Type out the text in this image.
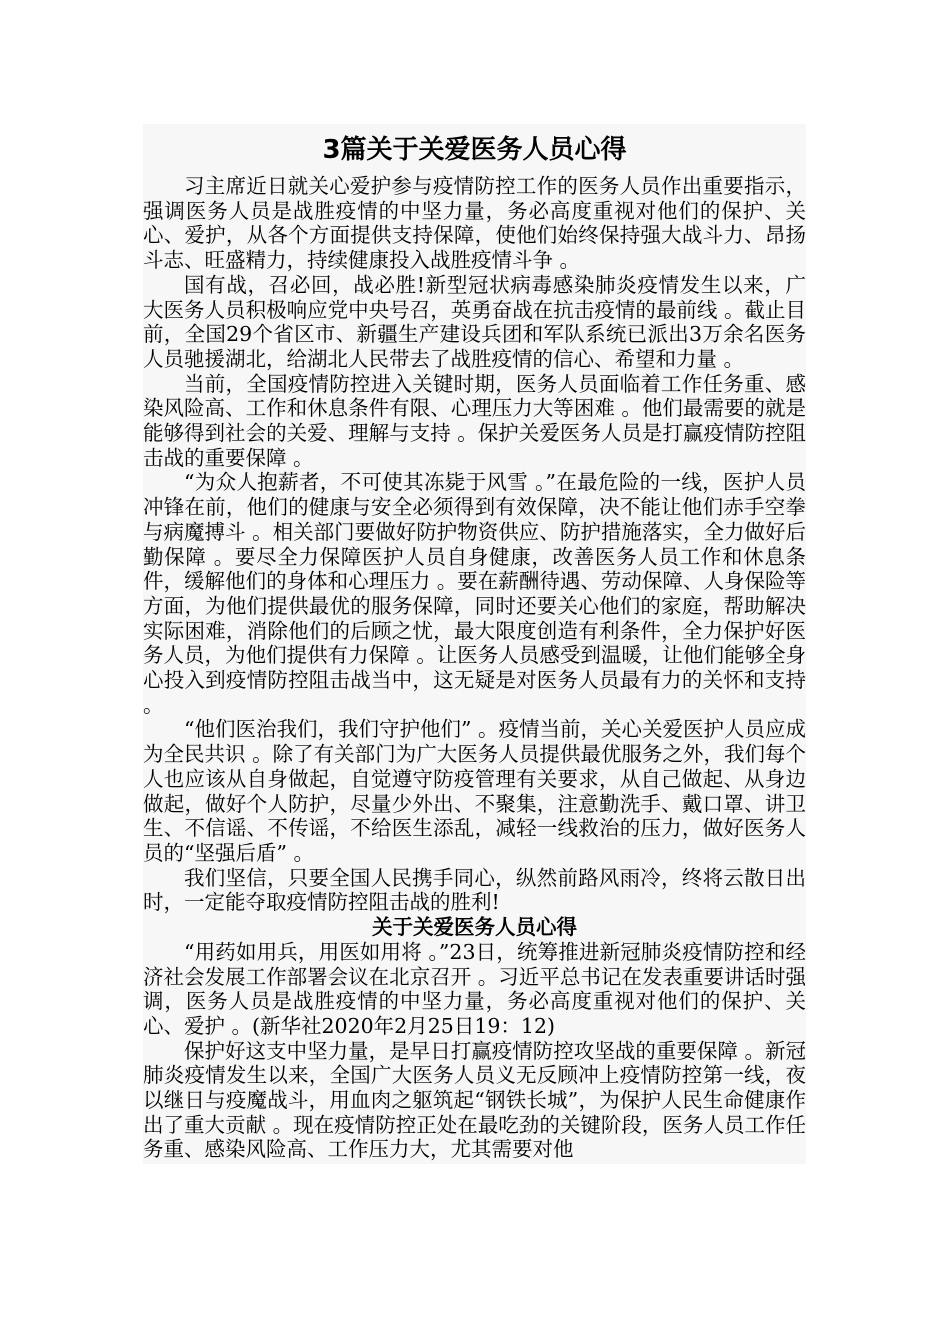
3篇关于关爱医务人员心得

习主席近日就关心爱护参与疫情防控工作的医务人员作出重要指示，强调医务人员是战胜疫情的中坚力量，务必高度重视对他们的保护、关心、爱护，从各个方面提供支持保障，使他们始终保持强大战斗力、昂扬斗志、旺盛精力，持续健康投入战胜疫情斗争 。

国有战，召必回，战必胜!新型冠状病毒感染肺炎疫情发生以来，广大医务人员积极响应党中央号召，英勇奋战在抗击疫情的最前线 。截止目前，全国29个省区市、新疆生产建设兵团和军队系统已派出3万余名医务人员驰援湖北，给湖北人民带去了战胜疫情的信心、希望和力量 。

当前，全国疫情防控进入关键时期，医务人员面临着工作任务重、感染风险高、工作和休息条件有限、心理压力大等困难 。他们最需要的就是能够得到社会的关爱、理解与支持 。保护关爱医务人员是打赢疫情防控阻击战的重要保障 。

“为众人抱薪者，不可使其冻毙于风雪 。”在最危险的一线，医护人员冲锋在前，他们的健康与安全必须得到有效保障，决不能让他们赤手空拳与病魔搏斗 。相关部门要做好防护物资供应、防护措施落实，全力做好后勤保障 。要尽全力保障医护人员自身健康，改善医务人员工作和休息条件，缓解他们的身体和心理压力 。要在薪酬待遇、劳动保障、人身保险等方面，为他们提供最优的服务保障，同时还要关心他们的家庭，帮助解决实际困难，消除他们的后顾之忧，最大限度创造有利条件，全力保护好医务人员，为他们提供有力保障 。让医务人员感受到温暖，让他们能够全身心投入到疫情防控阻击战当中，这无疑是对医务人员最有力的关怀和支持 。

“他们医治我们，我们守护他们” 。疫情当前，关心关爱医护人员应成为全民共识 。除了有关部门为广大医务人员提供最优服务之外，我们每个人也应该从自身做起，自觉遵守防疫管理有关要求，从自己做起、从身边做起，做好个人防护，尽量少外出、不聚集，注意勤洗手、戴口罩、讲卫生、不信谣、不传谣，不给医生添乱，减轻一线救治的压力，做好医务人员的“坚强后盾” 。

我们坚信，只要全国人民携手同心，纵然前路风雨冷，终将云散日出时，一定能夺取疫情防控阻击战的胜利!

关于关爱医务人员心得

“用药如用兵，用医如用将 。”23日，统筹推进新冠肺炎疫情防控和经济社会发展工作部署会议在北京召开 。习近平总书记在发表重要讲话时强调，医务人员是战胜疫情的中坚力量，务必高度重视对他们的保护、关心、爱护 。(新华社2020年2月25日19：12)

保护好这支中坚力量，是早日打赢疫情防控攻坚战的重要保障 。新冠肺炎疫情发生以来，全国广大医务人员义无反顾冲上疫情防控第一线，夜以继日与疫魔战斗，用血肉之躯筑起“钢铁长城”，为保护人民生命健康作出了重大贡献 。现在疫情防控正处在最吃劲的关键阶段，医务人员工作任务重、感染风险高、工作压力大，尤其需要对他
